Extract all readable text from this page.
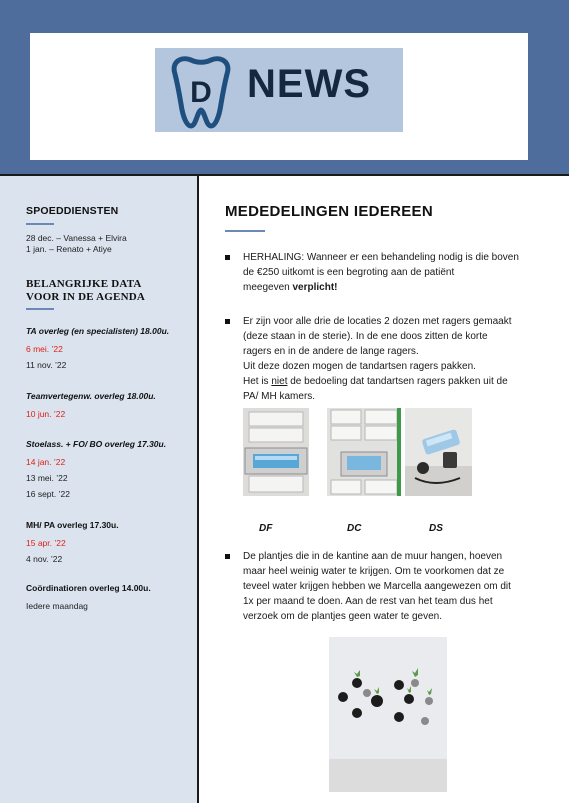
D NEWS
SPOEDDIENSTEN
28 dec. – Vanessa + Elvira
1 jan. – Renato + Atiye
BELANGRIJKE DATA
VOOR IN DE AGENDA
TA overleg (en specialisten) 18.00u.
6 mei. ’22
11 nov. ’22
Teamvertegenw. overleg 18.00u.
10 jun. ’22
Stoelass. + FO/ BO overleg 17.30u.
14 jan. ’22
13 mei. ’22
16 sept. ’22
MH/ PA overleg 17.30u.
15 apr. ’22
4 nov. ’22
Coördinatioren overleg 14.00u.
Iedere maandag
MEDEDELINGEN IEDEREEN
HERHALING: Wanneer er een behandeling nodig is die boven
de €250 uitkomt is een begroting aan de patiënt
meegeven verplicht!
Er zijn voor alle drie de locaties 2 dozen met ragers gemaakt
(deze staan in de sterie). In de ene doos zitten de korte
ragers en in de andere de lange ragers.
Uit deze dozen mogen de tandartsen ragers pakken.
Het is niet de bedoeling dat tandartsen ragers pakken uit de
PA/ MH kamers.
DF	DC	DS
De plantjes die in de kantine aan de muur hangen, hoeven
maar heel weinig water te krijgen. Om te voorkomen dat ze
teveel water krijgen hebben we Marcella aangewezen om dit
1x per maand te doen. Aan de rest van het team dus het
verzoek om de plantjes geen water te geven.
